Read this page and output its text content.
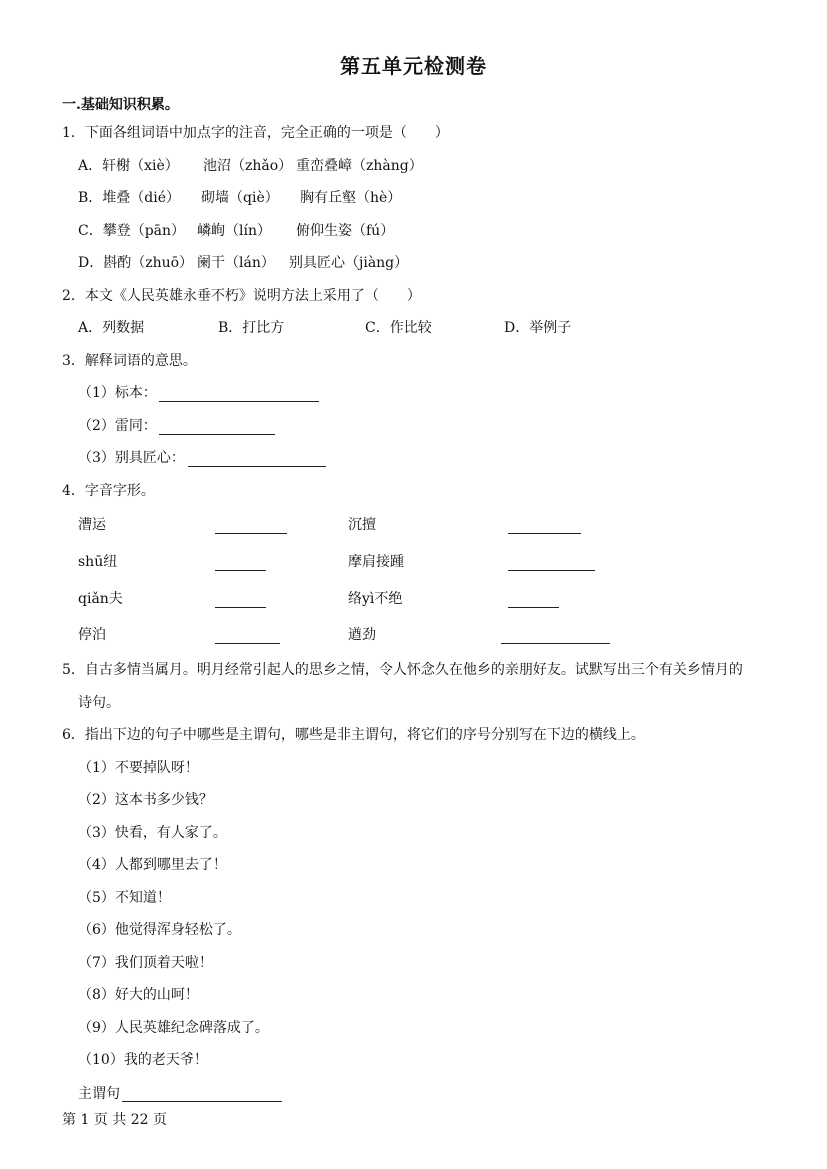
第五单元检测卷
一.基础知识积累。
1．下面各组词语中加点字的注音，完全正确的一项是（　　）
A．轩榭（xiè） 池沼（zhǎo） 重峦叠嶂（zhàng）
B．堆叠（dié） 砌墙（qiè） 胸有丘壑（hè）
C．攀登（pān） 嶙峋（lín） 俯仰生姿（fú）
D．斟酌（zhuō） 阑干（lán） 别具匠心（jiàng）
2．本文《人民英雄永垂不朽》说明方法上采用了（　　）
A．列数据	B．打比方	C．作比较	D．举例子
3．解释词语的意思。
（1）标本：
（2）雷同：
（3）别具匠心：
4．字音字形。
漕运	沉擅
shū纽	摩肩接踵
qiǎn夫	络yì不绝
停泊	遒劲
5．自古多情当属月。明月经常引起人的思乡之情，令人怀念久在他乡的亲朋好友。试默写出三个有关乡情月的
诗句。
6．指出下边的句子中哪些是主谓句，哪些是非主谓句，将它们的序号分别写在下边的横线上。
（1）不要掉队呀！
（2）这本书多少钱？
（3）快看，有人家了。
（4）人都到哪里去了！
（5）不知道！
（6）他觉得浑身轻松了。
（7）我们顶着天啦！
（8）好大的山呵！
（9）人民英雄纪念碑落成了。
（10）我的老天爷！
主谓句
第 1 页 共 22 页
